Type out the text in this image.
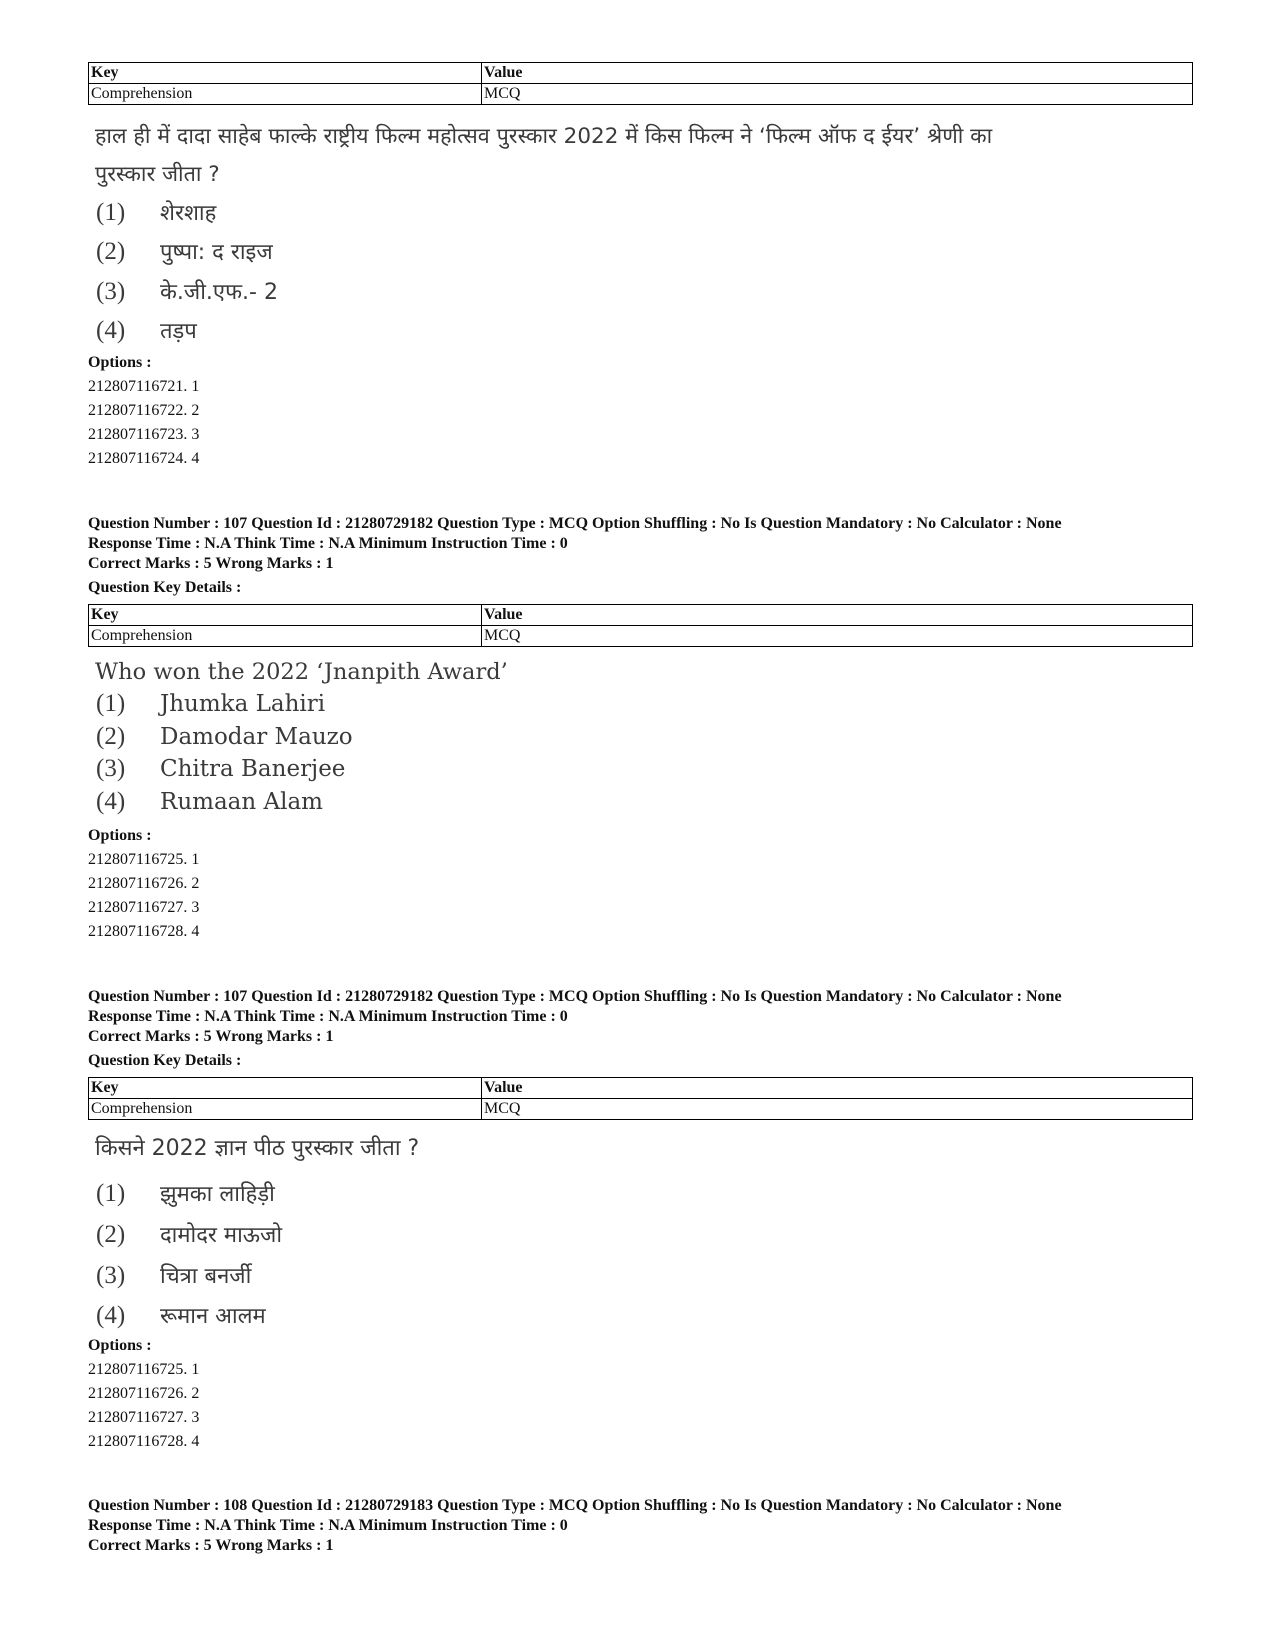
Key	Value
Comprehension	MCQ
हाल ही में दादा साहेब फाल्के राष्ट्रीय फिल्म महोत्सव पुरस्कार 2022 में किस फिल्म ने ‘फिल्म ऑफ द ईयर’ श्रेणी का
पुरस्कार जीता ?
(1) शेरशाह
(2) पुष्पा: द राइज
(3) के.जी.एफ.- 2
(4) तड़प
Options :
212807116721. 1
212807116722. 2
212807116723. 3
212807116724. 4
Question Number : 107 Question Id : 21280729182 Question Type : MCQ Option Shuffling : No Is Question Mandatory : No Calculator : None
Response Time : N.A Think Time : N.A Minimum Instruction Time : 0
Correct Marks : 5 Wrong Marks : 1
Question Key Details :
Key	Value
Comprehension	MCQ
Who won the 2022 ‘Jnanpith Award’
(1) Jhumka Lahiri
(2) Damodar Mauzo
(3) Chitra Banerjee
(4) Rumaan Alam
Options :
212807116725. 1
212807116726. 2
212807116727. 3
212807116728. 4
Question Number : 107 Question Id : 21280729182 Question Type : MCQ Option Shuffling : No Is Question Mandatory : No Calculator : None
Response Time : N.A Think Time : N.A Minimum Instruction Time : 0
Correct Marks : 5 Wrong Marks : 1
Question Key Details :
Key	Value
Comprehension	MCQ
किसने 2022 ज्ञान पीठ पुरस्कार जीता ?
(1) झुमका लाहिड़ी
(2) दामोदर माऊजो
(3) चित्रा बनर्जी
(4) रूमान आलम
Options :
212807116725. 1
212807116726. 2
212807116727. 3
212807116728. 4
Question Number : 108 Question Id : 21280729183 Question Type : MCQ Option Shuffling : No Is Question Mandatory : No Calculator : None
Response Time : N.A Think Time : N.A Minimum Instruction Time : 0
Correct Marks : 5 Wrong Marks : 1
